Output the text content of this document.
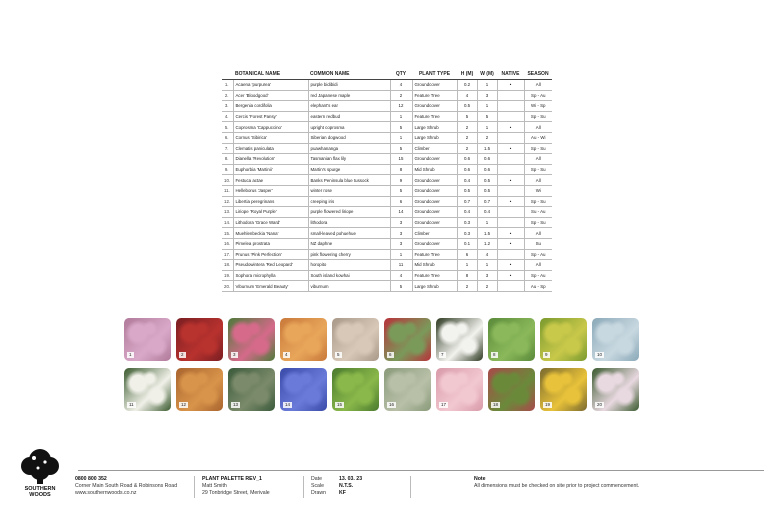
	BOTANICAL NAME	COMMON NAME	QTY	PLANT TYPE	H (M)	W (M)	NATIVE	SEASON
1.	Acaena 'purpurea'	purple bidibidi	4	Groundcover	0.2	1	•	All
2.	Acer 'Bloodgood'	red Japanese maple	2	Feature Tree	4	3		Sp - Au
3.	Bergenia cordifolia	elephant's ear	12	Groundcover	0.5	1		Wi - Sp
4.	Cercis 'Forest Pansy'	eastern redbud	1	Feature Tree	5	5		Sp - Su
5.	Coprosma 'Cappuccino'	upright coprosma	5	Large Shrub	2	1	•	All
6.	Cornus 'Sibirica'	Siberian dogwood	1	Large Shrub	2	2		Au - Wi
7.	Clematis paniculata	puawhananga	5	Climber	2	1.5	•	Sp - Su
8.	Dianella 'Revolution'	Tasmanian flax lily	15	Groundcover	0.6	0.6		All
9.	Euphorbia 'Martinii'	Martin's spurge	8	Mid Shrub	0.6	0.6		Sp - Su
10.	Festuca actae	Banks Peninsula blue tussock	9	Groundcover	0.4	0.5	•	All
11.	Helleborus 'Jasper'	winter rose	5	Groundcover	0.5	0.5		Wi
12.	Libertia peregrinans	creeping iris	6	Groundcover	0.7	0.7	•	Sp - Su
13.	Liriope 'Royal Purple'	purple flowered liriope	14	Groundcover	0.4	0.4		Su - Au
14.	Lithodora 'Grace Ward'	lithodora	3	Groundcover	0.3	1		Sp - Su
15.	Muehlenbeckia 'Nana'	small-leaved pohuehue	3	Climber	0.3	1.5	•	All
16.	Pimelea prostrata	NZ daphne	3	Groundcover	0.1	1.2	•	Su
17.	Prunus 'Pink Perfection'	pink flowering cherry	1	Feature Tree	6	4		Sp - Au
18.	Pseudowintera 'Red Leopard'	horopito	11	Mid Shrub	1	1	•	All
19.	Sophora microphylla	South island kowhai	4	Feature Tree	8	3	•	Sp - Au
20.	Viburnum 'Emerald Beauty'	viburnum	5	Large Shrub	2	2		Au - Sp
1	2	3	4	5	6	7	8	9	10
11	12	13	14	15	16	17	18	19	20
SOUTHERN
WOODS
0800 800 352
Corner Main South Road & Robinsons Road
www.southernwoods.co.nz
PLANT PALETTE REV_1
Matt Smith
29 Tonbridge Street, Merivale
Date	13. 03. 23
Scale	N.T.S.
Drawn	KF
Note
All dimensions must be checked on site prior to project commencement.
